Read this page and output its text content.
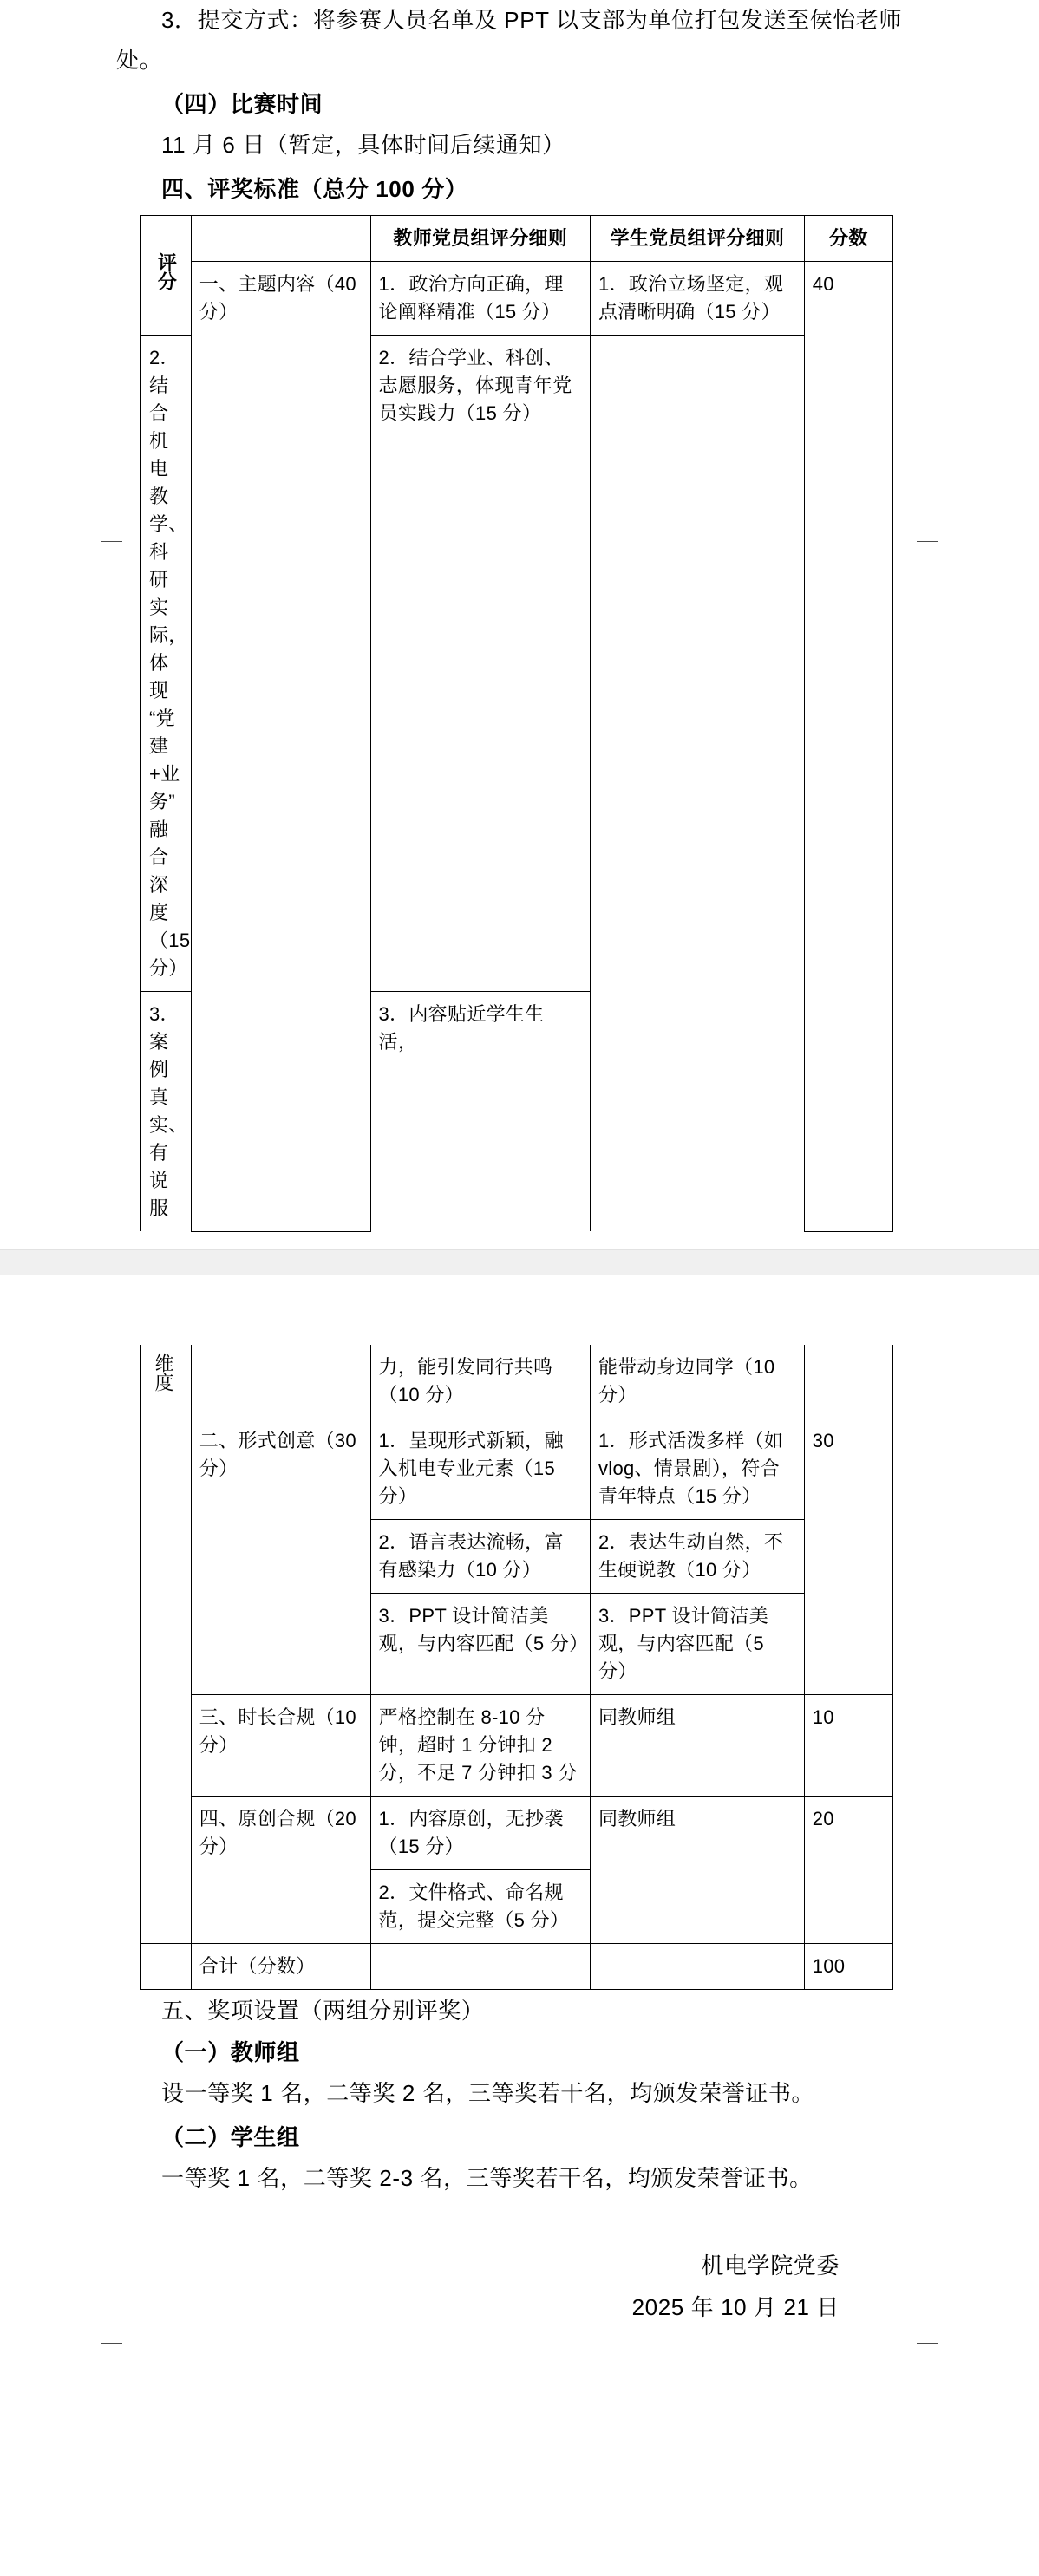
3．提交方式：将参赛人员名单及 PPT 以支部为单位打包发送至侯怡老师处。

（四）比赛时间

11 月 6 日（暂定，具体时间后续通知）

四、评奖标准（总分 100 分）

评分		教师党员组评分细则	学生党员组评分细则	分数
	一、主题内容（40 分）	1．政治方向正确，理论阐释精准（15 分）	1．政治立场坚定，观点清晰明确（15 分）	40
2．结合机电教学、科研实际，体现“党建+业务”融合深度（15 分）		2．结合学业、科创、志愿服务，体现青年党员实践力（15 分）		
3．案例真实、有说服		3．内容贴近学生生活，		
维度		力，能引发同行共鸣（10 分）	能带动身边同学（10 分）	
	二、形式创意（30 分）	1．呈现形式新颖，融入机电专业元素（15 分）	1．形式活泼多样（如 vlog、情景剧），符合青年特点（15 分）	30
		2．语言表达流畅，富有感染力（10 分）	2．表达生动自然，不生硬说教（10 分）	
		3．PPT 设计简洁美观，与内容匹配（5 分）	3．PPT 设计简洁美观，与内容匹配（5 分）	
	三、时长合规（10 分）	严格控制在 8-10 分钟，超时 1 分钟扣 2 分，不足 7 分钟扣 3 分	同教师组	10
	四、原创合规（20 分）	1．内容原创，无抄袭（15 分）	同教师组	20
		2．文件格式、命名规范，提交完整（5 分）		
	合计（分数）			100

五、奖项设置（两组分别评奖）

（一）教师组

设一等奖 1 名，二等奖 2 名，三等奖若干名，均颁发荣誉证书。

（二）学生组

一等奖 1 名，二等奖 2-3 名，三等奖若干名，均颁发荣誉证书。

机电学院党委

2025 年 10 月 21 日
